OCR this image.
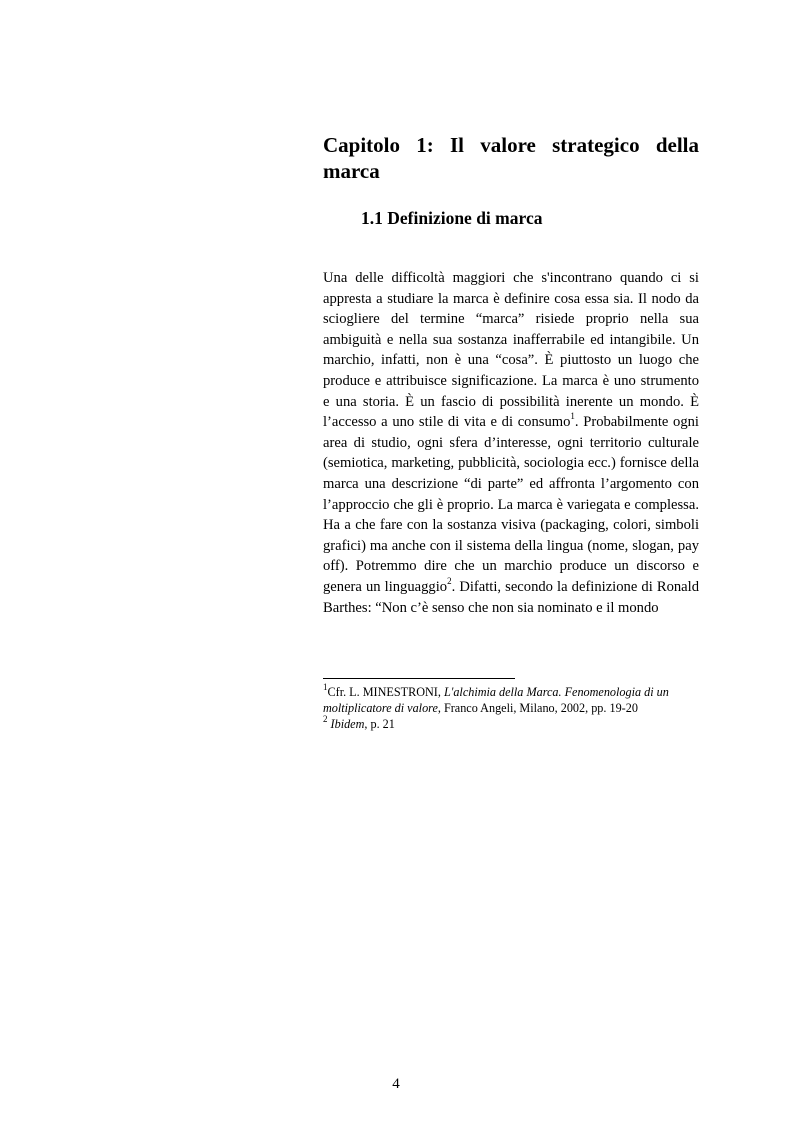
Capitolo 1: Il valore strategico della marca
1.1 Definizione di marca

Una delle difficoltà maggiori che s'incontrano quando ci si appresta a studiare la marca è definire cosa essa sia. Il nodo da sciogliere del termine “marca” risiede proprio nella sua ambiguità e nella sua sostanza inafferrabile ed intangibile. Un marchio, infatti, non è una “cosa”. È piuttosto un luogo che produce e attribuisce significazione. La marca è uno strumento e una storia. È un fascio di possibilità inerente un mondo. È l’accesso a uno stile di vita e di consumo$^1$. Probabilmente ogni area di studio, ogni sfera d’interesse, ogni territorio culturale (semiotica, marketing, pubblicità, sociologia ecc.) fornisce della marca una descrizione “di parte” ed affronta l’argomento con l’approccio che gli è proprio. La marca è variegata e complessa. Ha a che fare con la sostanza visiva (packaging, colori, simboli grafici) ma anche con il sistema della lingua (nome, slogan, pay off). Potremmo dire che un marchio produce un discorso e genera un linguaggio$^2$. Difatti, secondo la definizione di Ronald Barthes: “Non c’è senso che non sia nominato e il mondo

$^1$Cfr. L. MINESTRONI, L'alchimia della Marca. Fenomenologia di un moltiplicatore di valore, Franco Angeli, Milano, 2002, pp. 19-20

$^2$ Ibidem, p. 21

4
